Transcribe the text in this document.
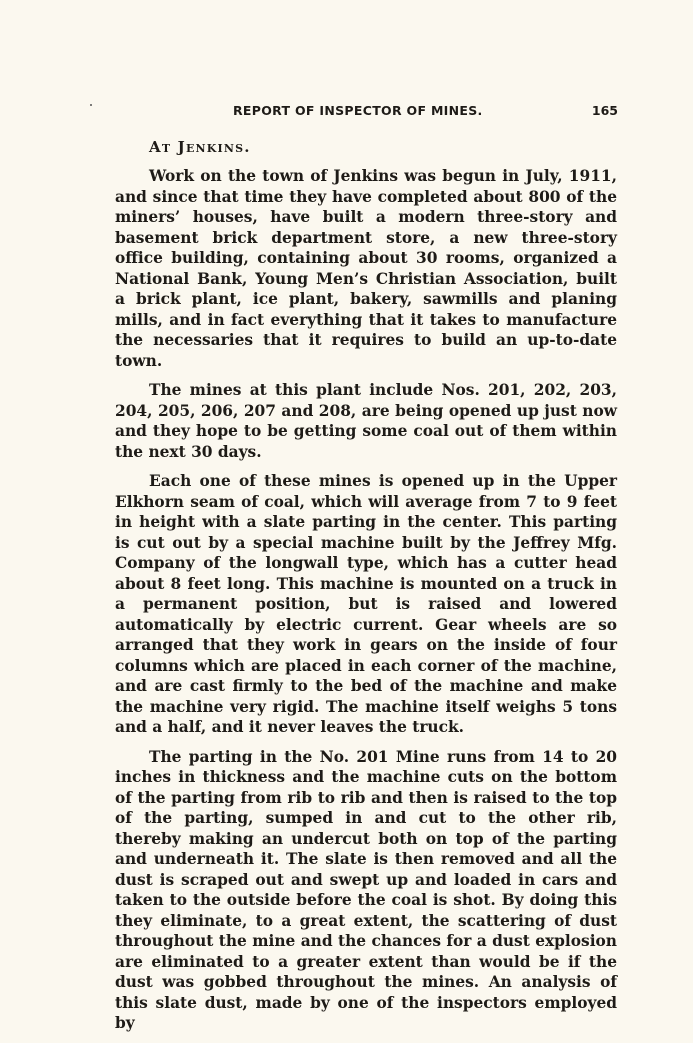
REPORT OF INSPECTOR OF MINES.	165
At Jenkins.

Work on the town of Jenkins was begun in July, 1911, and since that time they have completed about 800 of the miners’ houses, have built a modern three-story and basement brick department store, a new three-story office building, containing about 30 rooms, organized a National Bank, Young Men’s Christian Association, built a brick plant, ice plant, bakery, sawmills and planing mills, and in fact everything that it takes to manufacture the necessaries that it requires to build an up-to-date town.

The mines at this plant include Nos. 201, 202, 203, 204, 205, 206, 207 and 208, are being opened up just now and they hope to be getting some coal out of them within the next 30 days.

Each one of these mines is opened up in the Upper Elkhorn seam of coal, which will average from 7 to 9 feet in height with a slate parting in the center. This parting is cut out by a special machine built by the Jeffrey Mfg. Company of the longwall type, which has a cutter head about 8 feet long. This machine is mounted on a truck in a permanent position, but is raised and lowered automatically by electric current. Gear wheels are so arranged that they work in gears on the inside of four columns which are placed in each corner of the machine, and are cast firmly to the bed of the machine and make the machine very rigid. The machine itself weighs 5 tons and a half, and it never leaves the truck.

The parting in the No. 201 Mine runs from 14 to 20 inches in thickness and the machine cuts on the bottom of the parting from rib to rib and then is raised to the top of the parting, sumped in and cut to the other rib, thereby making an undercut both on top of the parting and underneath it. The slate is then removed and all the dust is scraped out and swept up and loaded in cars and taken to the outside before the coal is shot. By doing this they eliminate, to a great extent, the scattering of dust throughout the mine and the chances for a dust explosion are eliminated to a greater extent than would be if the dust was gobbed throughout the mines. An analysis of this slate dust, made by one of the inspectors employed by
